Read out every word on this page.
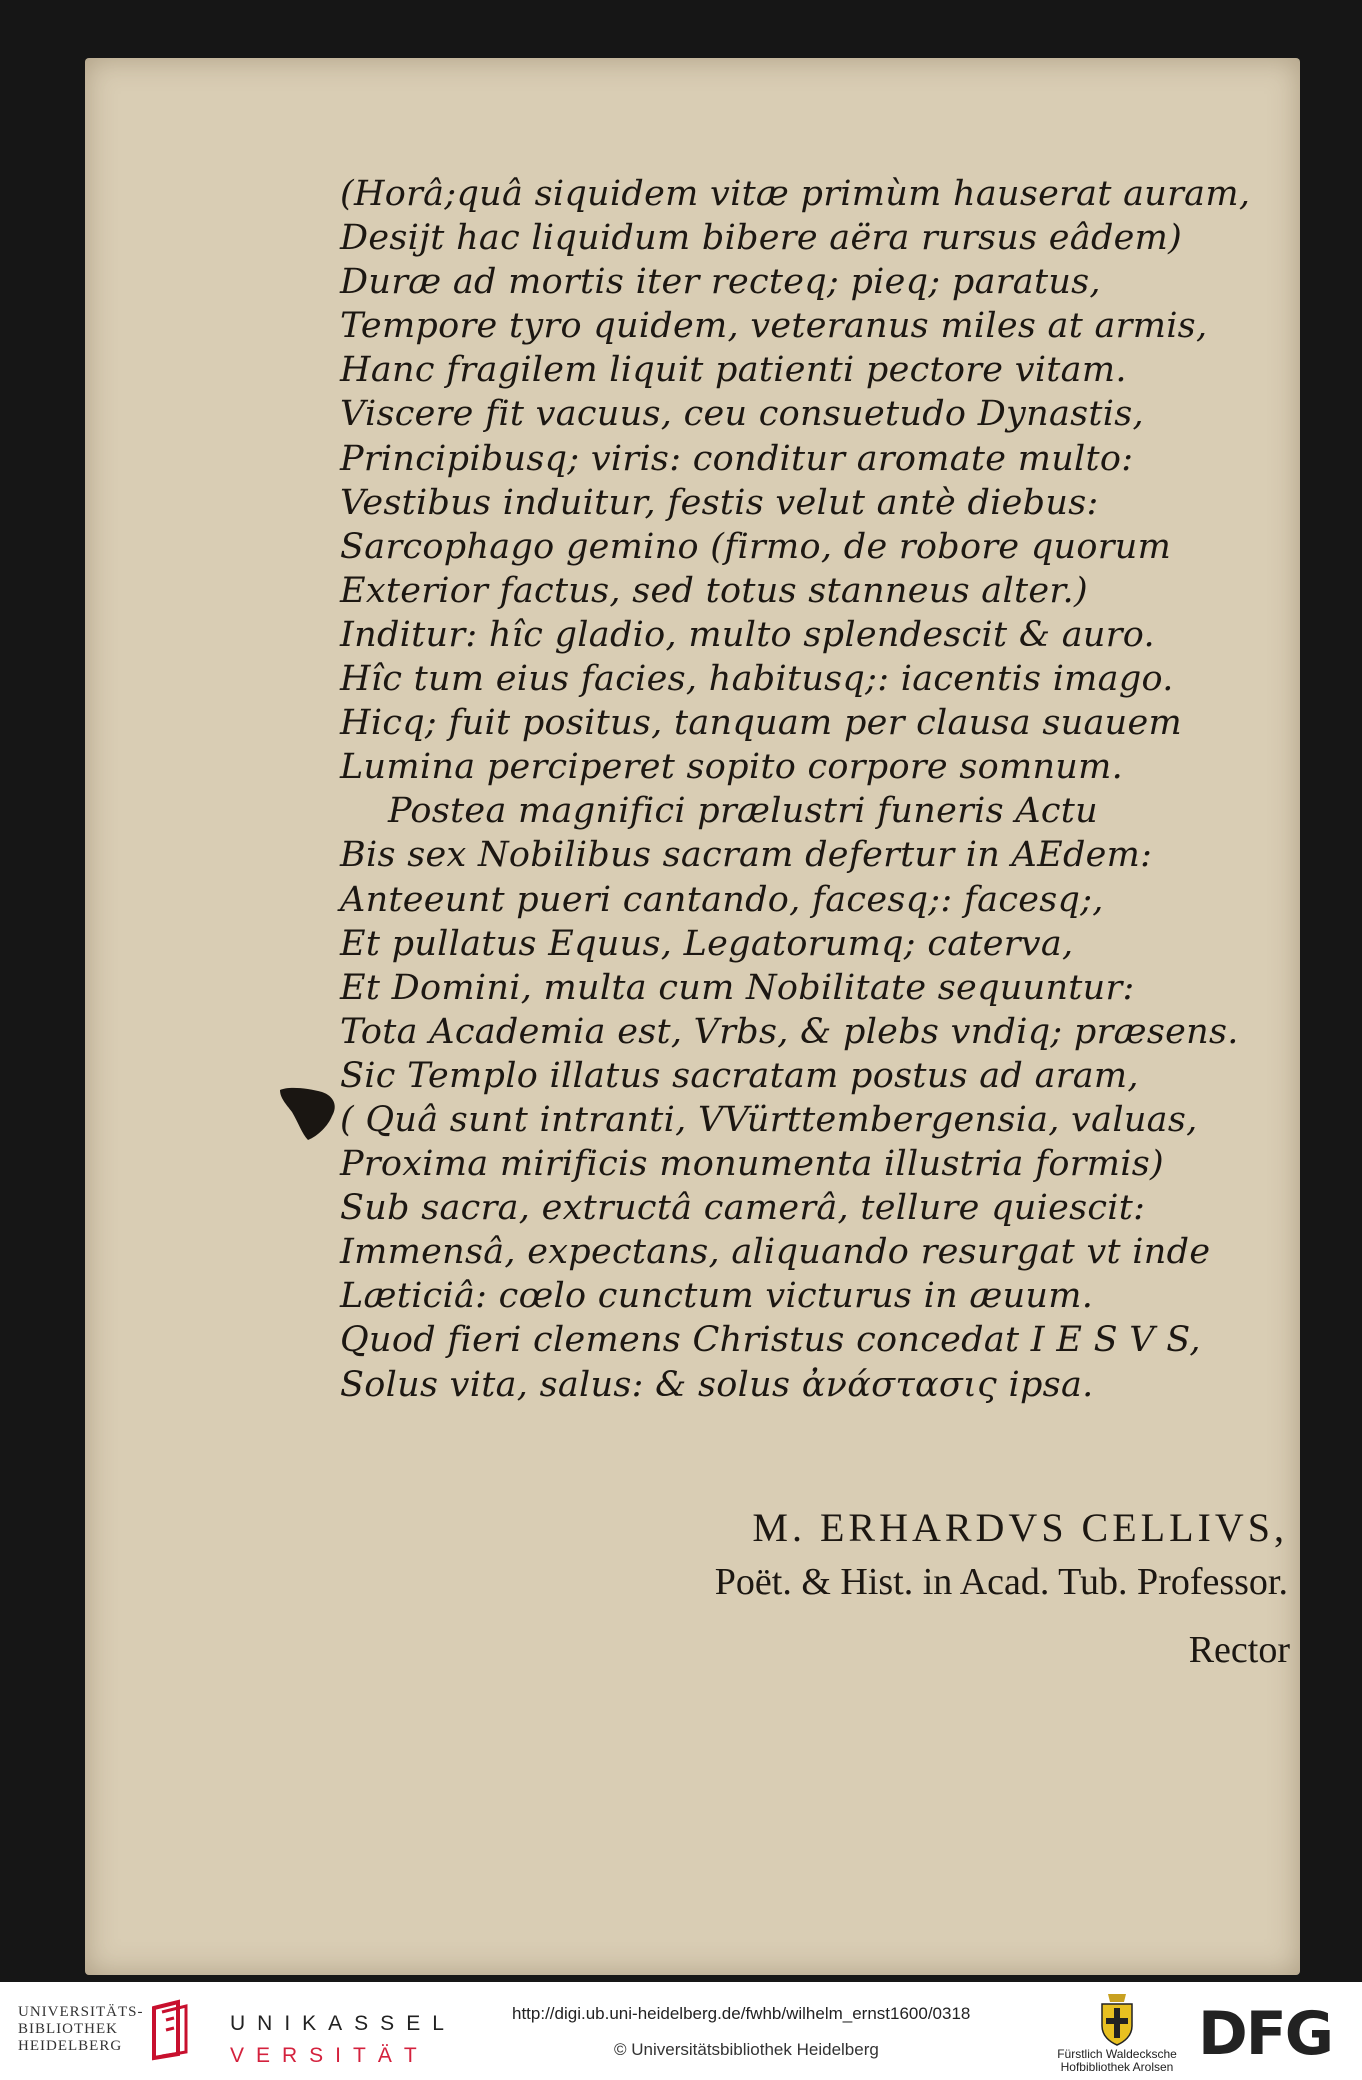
(Horâ;quâ siquidem vitæ primùm hauserat auram,
Desijt hac liquidum bibere aëra rursus eâdem)
Duræ ad mortis iter recteq; pieq; paratus,
Tempore tyro quidem, veteranus miles at armis,
Hanc fragilem liquit patienti pectore vitam.
Viscere fit vacuus, ceu consuetudo Dynastis,
Principibusq; viris: conditur aromate multo:
Vestibus induitur, festis velut antè diebus:
Sarcophago gemino (firmo, de robore quorum
Exterior factus, sed totus stanneus alter.)
Inditur: hîc gladio, multo splendescit & auro.
Hîc tum eius facies, habitusq;: iacentis imago.
Hicq; fuit positus, tanquam per clausa suauem
Lumina perciperet sopito corpore somnum.
Postea magnifici prælustri funeris Actu
Bis sex Nobilibus sacram defertur in AEdem:
Anteeunt pueri cantando, facesq;: facesq;,
Et pullatus Equus, Legatorumq; caterva,
Et Domini, multa cum Nobilitate sequuntur:
Tota Academia est, Vrbs, & plebs vndiq; præsens.
Sic Templo illatus sacratam postus ad aram,
( Quâ sunt intranti, VVürttembergensia, valuas,
Proxima mirificis monumenta illustria formis)
Sub sacra, extructâ camerâ, tellure quiescit:
Immensâ, expectans, aliquando resurgat vt inde
Læticiâ: cœlo cunctum victurus in æuum.
Quod fieri clemens Christus concedat I E S V S,
Solus vita, salus: & solus ἀνάστασις ipsa.
M. ERHARDVS CELLIVS,
Poët. & Hist. in Acad. Tub. Professor.
Rector
UNIVERSITÄTS-
BIBLIOTHEK
HEIDELBERG
UNIKASSEL
VERSITÄT
http://digi.ub.uni-heidelberg.de/fwhb/wilhelm_ernst1600/0318
© Universitätsbibliothek Heidelberg	Fürstlich Waldecksche
Hofbibliothek Arolsen DFG
